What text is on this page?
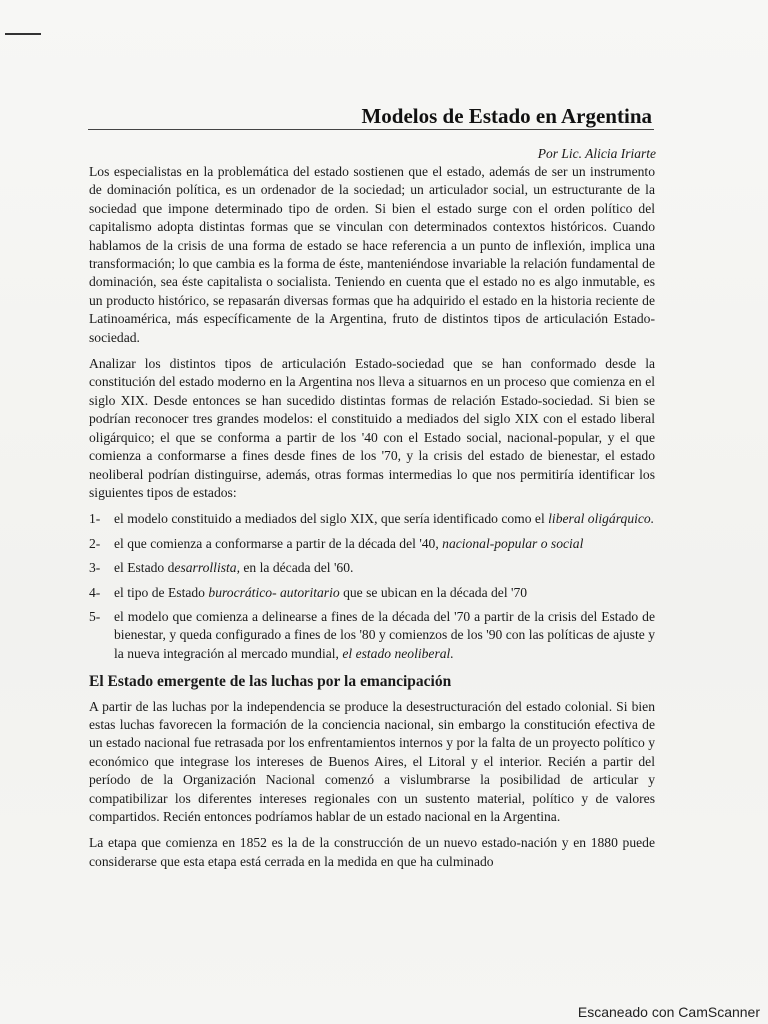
Modelos de Estado en Argentina
Por Lic. Alicia Iriarte

Los especialistas en la problemática del estado sostienen que el estado, además de ser un instrumento de dominación política, es un ordenador de la sociedad; un articulador social, un estructurante de la sociedad que impone determinado tipo de orden. Si bien el estado surge con el orden político del capitalismo adopta distintas formas que se vinculan con determinados contextos históricos. Cuando hablamos de la crisis de una forma de estado se hace referencia a un punto de inflexión, implica una transformación; lo que cambia es la forma de éste, manteniéndose invariable la relación fundamental de dominación, sea éste capitalista o socialista. Teniendo en cuenta que el estado no es algo inmutable, es un producto histórico, se repasarán diversas formas que ha adquirido el estado en la historia reciente de Latinoamérica, más específicamente de la Argentina, fruto de distintos tipos de articulación Estado-sociedad.

Analizar los distintos tipos de articulación Estado-sociedad que se han conformado desde la constitución del estado moderno en la Argentina nos lleva a situarnos en un proceso que comienza en el siglo XIX. Desde entonces se han sucedido distintas formas de relación Estado-sociedad. Si bien se podrían reconocer tres grandes modelos: el constituido a mediados del siglo XIX con el estado liberal oligárquico; el que se conforma a partir de los '40 con el Estado social, nacional-popular, y el que comienza a conformarse a fines desde fines de los '70, y la crisis del estado de bienestar, el estado neoliberal podrían distinguirse, además, otras formas intermedias lo que nos permitiría identificar los siguientes tipos de estados:

1- el modelo constituido a mediados del siglo XIX, que sería identificado como el liberal oligárquico.
2- el que comienza a conformarse a partir de la década del '40, nacional-popular o social
3- el Estado desarrollista, en la década del '60.
4- el tipo de Estado burocrático- autoritario que se ubican en la década del '70
5- el modelo que comienza a delinearse a fines de la década del '70 a partir de la crisis del Estado de bienestar, y queda configurado a fines de los '80 y comienzos de los '90 con las políticas de ajuste y la nueva integración al mercado mundial, el estado neoliberal.
El Estado emergente de las luchas por la emancipación

A partir de las luchas por la independencia se produce la desestructuración del estado colonial. Si bien estas luchas favorecen la formación de la conciencia nacional, sin embargo la constitución efectiva de un estado nacional fue retrasada por los enfrentamientos internos y por la falta de un proyecto político y económico que integrase los intereses de Buenos Aires, el Litoral y el interior. Recién a partir del período de la Organización Nacional comenzó a vislumbrarse la posibilidad de articular y compatibilizar los diferentes intereses regionales con un sustento material, político y de valores compartidos. Recién entonces podríamos hablar de un estado nacional en la Argentina.

La etapa que comienza en 1852 es la de la construcción de un nuevo estado-nación y en 1880 puede considerarse que esta etapa está cerrada en la medida en que ha culminado

Escaneado con CamScanner
